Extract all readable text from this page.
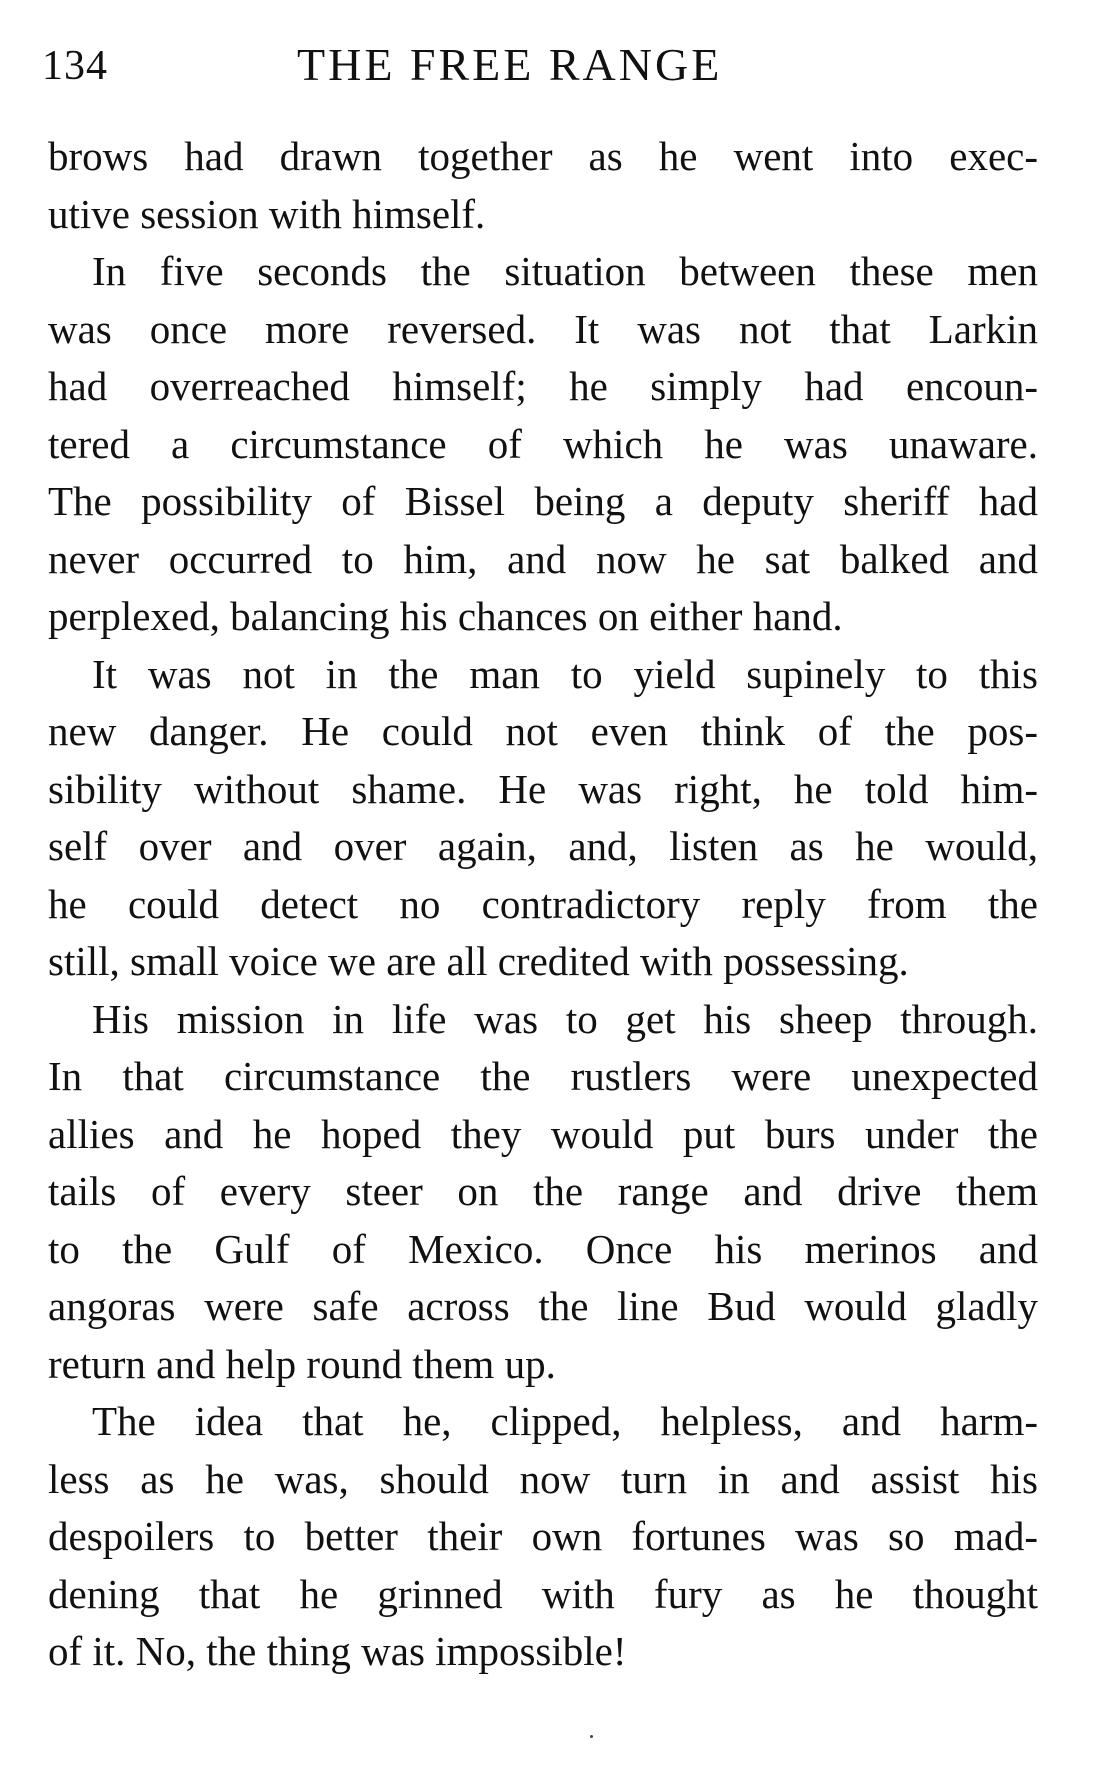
134	THE FREE RANGE

brows had drawn together as he went into exec-
utive session with himself.

In five seconds the situation between these men
was once more reversed. It was not that Larkin
had overreached himself; he simply had encoun-
tered a circumstance of which he was unaware.
The possibility of Bissel being a deputy sheriff had
never occurred to him, and now he sat balked and
perplexed, balancing his chances on either hand.

It was not in the man to yield supinely to this
new danger. He could not even think of the pos-
sibility without shame. He was right, he told him-
self over and over again, and, listen as he would,
he could detect no contradictory reply from the
still, small voice we are all credited with possessing.

His mission in life was to get his sheep through.
In that circumstance the rustlers were unexpected
allies and he hoped they would put burs under the
tails of every steer on the range and drive them
to the Gulf of Mexico. Once his merinos and
angoras were safe across the line Bud would gladly
return and help round them up.

The idea that he, clipped, helpless, and harm-
less as he was, should now turn in and assist his
despoilers to better their own fortunes was so mad-
dening that he grinned with fury as he thought
of it. No, the thing was impossible!
